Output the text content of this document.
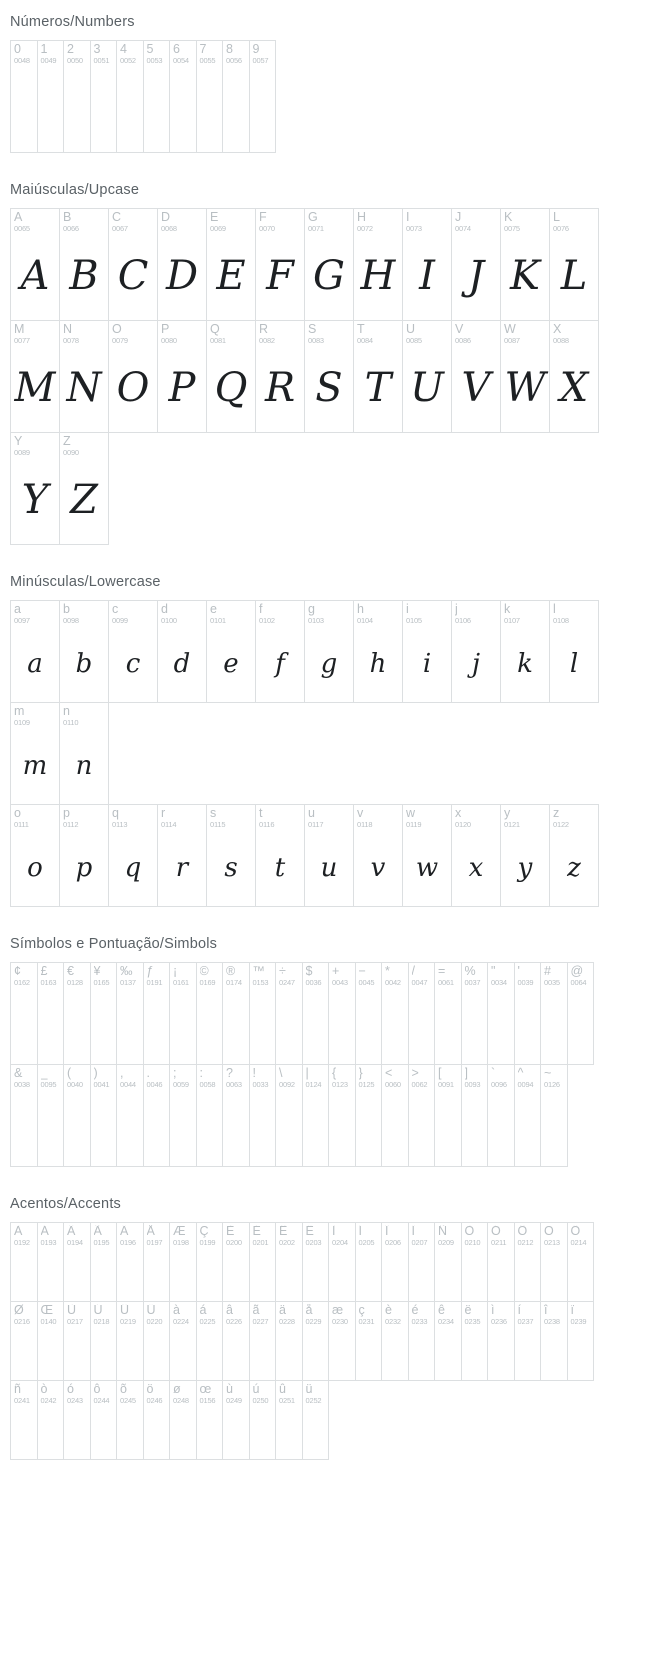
Números/Numbers
0
0048
1
0049
2
0050
3
0051
4
0052
5
0053
6
0054
7
0055
8
0056
9
0057
Maiúsculas/Upcase
A
0065
A
B
0066
B
C
0067
C
D
0068
D
E
0069
E
F
0070
F
G
0071
G
H
0072
H
I
0073
I
J
0074
J
K
0075
K
L
0076
L
M
0077
M
N
0078
N
O
0079
O
P
0080
P
Q
0081
Q
R
0082
R
S
0083
S
T
0084
T
U
0085
U
V
0086
V
W
0087
W
X
0088
X
Y
0089
Y
Z
0090
Z
Minúsculas/Lowercase
a
0097
a
b
0098
b
c
0099
c
d
0100
d
e
0101
e
f
0102
f
g
0103
g
h
0104
h
i
0105
i
j
0106
j
k
0107
k
l
0108
l
m
0109
m
n
0110
n
o
0111
o
p
0112
p
q
0113
q
r
0114
r
s
0115
s
t
0116
t
u
0117
u
v
0118
v
w
0119
w
x
0120
x
y
0121
y
z
0122
z
Símbolos e Pontuação/Simbols
¢
0162
£
0163
€
0128
¥
0165
‰
0137
ƒ
0191
¡
0161
©
0169
®
0174
™
0153
÷
0247
$
0036
+
0043
−
0045
*
0042
/
0047
=
0061
%
0037
"
0034
'
0039
#
0035
@
0064
&
0038
_
0095
(
0040
)
0041
,
0044
.
0046
;
0059
:
0058
?
0063
!
0033
\
0092
|
0124
{
0123
}
0125
<
0060
>
0062
[
0091
]
0093
`
0096
^
0094
~
0126
Acentos/Accents
À
0192
Á
0193
Â
0194
Ã
0195
Ä
0196
Å
0197
Æ
0198
Ç
0199
È
0200
É
0201
Ê
0202
Ë
0203
Ì
0204
Í
0205
Î
0206
Ï
0207
Ñ
0209
Ò
0210
Ó
0211
Ô
0212
Õ
0213
Ö
0214
Ø
0216
Œ
0140
Ù
0217
Ú
0218
Û
0219
Ü
0220
à
0224
á
0225
â
0226
ã
0227
ä
0228
å
0229
æ
0230
ç
0231
è
0232
é
0233
ê
0234
ë
0235
ì
0236
í
0237
î
0238
ï
0239
ñ
0241
ò
0242
ó
0243
ô
0244
õ
0245
ö
0246
ø
0248
œ
0156
ù
0249
ú
0250
û
0251
ü
0252
